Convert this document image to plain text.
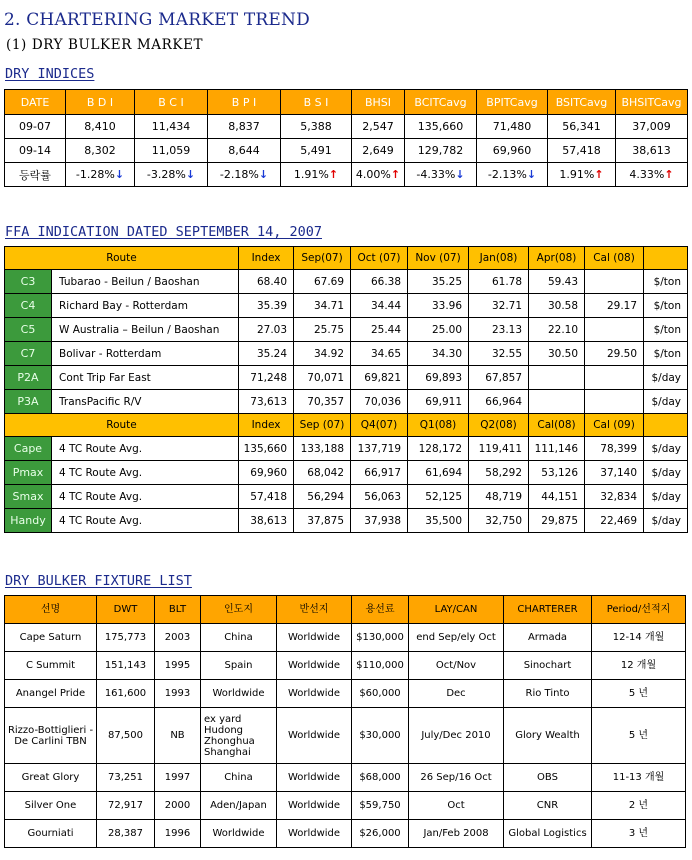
2. CHARTERING MARKET TREND
(1) DRY BULKER MARKET
DRY INDICES
DATE	B D I	B C I	B P I	B S I	BHSI	BCITCavg	BPITCavg	BSITCavg	BHSITCavg
09-07	8,410	11,434	8,837	5,388	2,547	135,660	71,480	56,341	37,009
09-14	8,302	11,059	8,644	5,491	2,649	129,782	69,960	57,418	38,613
등락률	-1.28%↓	-3.28%↓	-2.18%↓	1.91%↑	4.00%↑	-4.33%↓	-2.13%↓	1.91%↑	4.33%↑
FFA INDICATION DATED SEPTEMBER 14, 2007
Route		Index	Sep(07)	Oct (07)	Nov (07)	Jan(08)	Apr(08)	Cal (08)	
C3	Tubarao - Beilun / Baoshan	68.40	67.69	66.38	35.25	61.78	59.43		$/ton
C4	Richard Bay - Rotterdam	35.39	34.71	34.44	33.96	32.71	30.58	29.17	$/ton
C5	W Australia – Beilun / Baoshan	27.03	25.75	25.44	25.00	23.13	22.10		$/ton
C7	Bolivar - Rotterdam	35.24	34.92	34.65	34.30	32.55	30.50	29.50	$/ton
P2A	Cont Trip Far East	71,248	70,071	69,821	69,893	67,857			$/day
P3A	TransPacific R/V	73,613	70,357	70,036	69,911	66,964			$/day
Route		Index	Sep (07)	Q4(07)	Q1(08)	Q2(08)	Cal(08)	Cal (09)	
Cape	4 TC Route Avg.	135,660	133,188	137,719	128,172	119,411	111,146	78,399	$/day
Pmax	4 TC Route Avg.	69,960	68,042	66,917	61,694	58,292	53,126	37,140	$/day
Smax	4 TC Route Avg.	57,418	56,294	56,063	52,125	48,719	44,151	32,834	$/day
Handy	4 TC Route Avg.	38,613	37,875	37,938	35,500	32,750	29,875	22,469	$/day
DRY BULKER FIXTURE LIST
선명	DWT	BLT	인도지	반선지	용선료	LAY/CAN	CHARTERER	Period/선적지
Cape Saturn	175,773	2003	China	Worldwide	$130,000	end Sep/ely Oct	Armada	12-14 개월
C Summit	151,143	1995	Spain	Worldwide	$110,000	Oct/Nov	Sinochart	12 개월
Anangel Pride	161,600	1993	Worldwide	Worldwide	$60,000	Dec	Rio Tinto	5 년
Rizzo-Bottiglieri -De Carlini TBN	87,500	NB	ex yard Hudong Zhonghua Shanghai	Worldwide	$30,000	July/Dec 2010	Glory Wealth	5 년
Great Glory	73,251	1997	China	Worldwide	$68,000	26 Sep/16 Oct	OBS	11-13 개월
Silver One	72,917	2000	Aden/Japan	Worldwide	$59,750	Oct	CNR	2 년
Gourniati	28,387	1996	Worldwide	Worldwide	$26,000	Jan/Feb 2008	Global Logistics	3 년
